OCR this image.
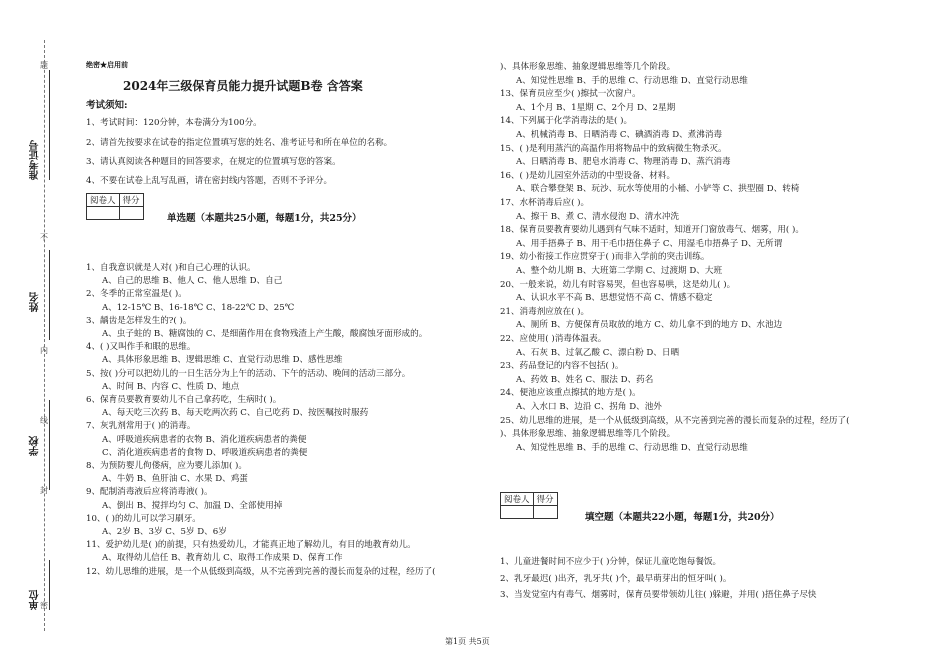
准考证号
姓名
学校
单位
题
不
内
线
封
密
绝密★启用前
2024年三级保育员能力提升试题B卷 含答案
考试须知:
1、考试时间：120分钟，本卷满分为100分。
2、请首先按要求在试卷的指定位置填写您的姓名、准考证号和所在单位的名称。
3、请认真阅读各种题目的回答要求，在规定的位置填写您的答案。
4、不要在试卷上乱写乱画，请在密封线内答题，否则不予评分。
阅卷人	得分

单选题（本题共25小题，每题1分，共25分）
1、自我意识就是人对( )和自己心理的认识。
A、自己的思维 B、他人 C、他人思维 D、自己
2、冬季的正常室温是( )。
A、12-15℃ B、16-18℃ C、18-22℃ D、25℃
3、龋齿是怎样发生的?( )。
A、虫子蛀的 B、糖腐蚀的 C、是细菌作用在食物残渣上产生酸，酸腐蚀牙面形成的。
4、( )又叫作手和眼的思维。
A、具体形象思维 B、逻辑思维 C、直觉行动思维 D、感性思维
5、按( )分可以把幼儿的一日生活分为上午的活动、下午的活动、晚间的活动三部分。
A、时间 B、内容 C、性质 D、地点
6、保育员要教育要幼儿不自己拿药吃，生病时( )。
A、每天吃三次药 B、每天吃两次药 C、自己吃药 D、按医嘱按时服药
7、灰乳剂常用于( )的消毒。
A、呼吸道疾病患者的衣物 B、消化道疾病患者的粪便
C、消化道疾病患者的食物 D、呼吸道疾病患者的粪便
8、为预防婴儿佝偻病，应为婴儿添加( )。
A、牛奶 B、鱼肝油 C、水果 D、鸡蛋
9、配制消毒液后应将消毒液( )。
A、倒出 B、搅拌均匀 C、加温 D、全部使用掉
10、( )的幼儿可以学习刷牙。
A、2岁 B、3岁 C、5岁 D、6岁
11、爱护幼儿是( )的前提，只有热爱幼儿，才能真正地了解幼儿，有目的地教育幼儿。
A、取得幼儿信任 B、教育幼儿 C、取得工作成果 D、保育工作
12、幼儿思维的进展，是一个从低级到高级，从不完善到完善的漫长而复杂的过程，经历了(
)、具体形象思维、抽象逻辑思维等几个阶段。
A、知觉性思维 B、手的思维 C、行动思维 D、直觉行动思维
13、保育员应至少( )擦拭一次窗户。
A、1个月 B、1星期 C、2个月 D、2星期
14、下列属于化学消毒法的是( )。
A、机械消毒 B、日晒消毒 C、碘酒消毒 D、煮沸消毒
15、( )是利用蒸汽的高温作用将物品中的致病微生物杀灭。
A、日晒消毒 B、肥皂水消毒 C、物理消毒 D、蒸汽消毒
16、( )是幼儿园室外活动的中型设备、材料。
A、联合攀登架 B、玩沙、玩水等使用的小桶、小铲等 C、拱型圈 D、转椅
17、水杯消毒后应( )。
A、擦干 B、煮 C、清水侵泡 D、清水冲洗
18、保育员要教育要幼儿遇到有气味不适时，知道开门窗放毒气、烟雾，用( )。
A、用手捂鼻子 B、用干毛巾捂住鼻子 C、用湿毛巾捂鼻子 D、无所谓
19、幼小衔接工作应贯穿于( )而非入学前的突击训练。
A、整个幼儿期 B、大班第二学期 C、过渡期 D、大班
20、一般来说，幼儿有时容易哭，但也容易哄，这是幼儿( )。
A、认识水平不高 B、思想觉悟不高 C、情感不稳定
21、消毒剂应放在( )。
A、厕所 B、方便保育员取放的地方 C、幼儿拿不到的地方 D、水池边
22、应使用( )消毒体温表。
A、石灰 B、过氧乙酸 C、漂白粉 D、日晒
23、药品登记的内容不包括( )。
A、药效 B、姓名 C、服法 D、药名
24、便池应该重点擦拭的地方是( )。
A、入水口 B、边沿 C、拐角 D、池外
25、幼儿思维的进展，是一个从低级到高级，从不完善到完善的漫长而复杂的过程，经历了(
)、具体形象思维、抽象逻辑思维等几个阶段。
A、知觉性思维 B、手的思维 C、行动思维 D、直觉行动思维
阅卷人	得分

填空题（本题共22小题，每题1分，共20分）
1、儿童进餐时间不应少于( )分钟，保证儿童吃饱每餐饭。
2、乳牙最迟( )出齐，乳牙共( )个，最早萌芽出的恒牙叫( )。
3、当发觉室内有毒气、烟雾时，保育员要带领幼儿往( )躲避，并用( )捂住鼻子尽快
第1页 共5页
